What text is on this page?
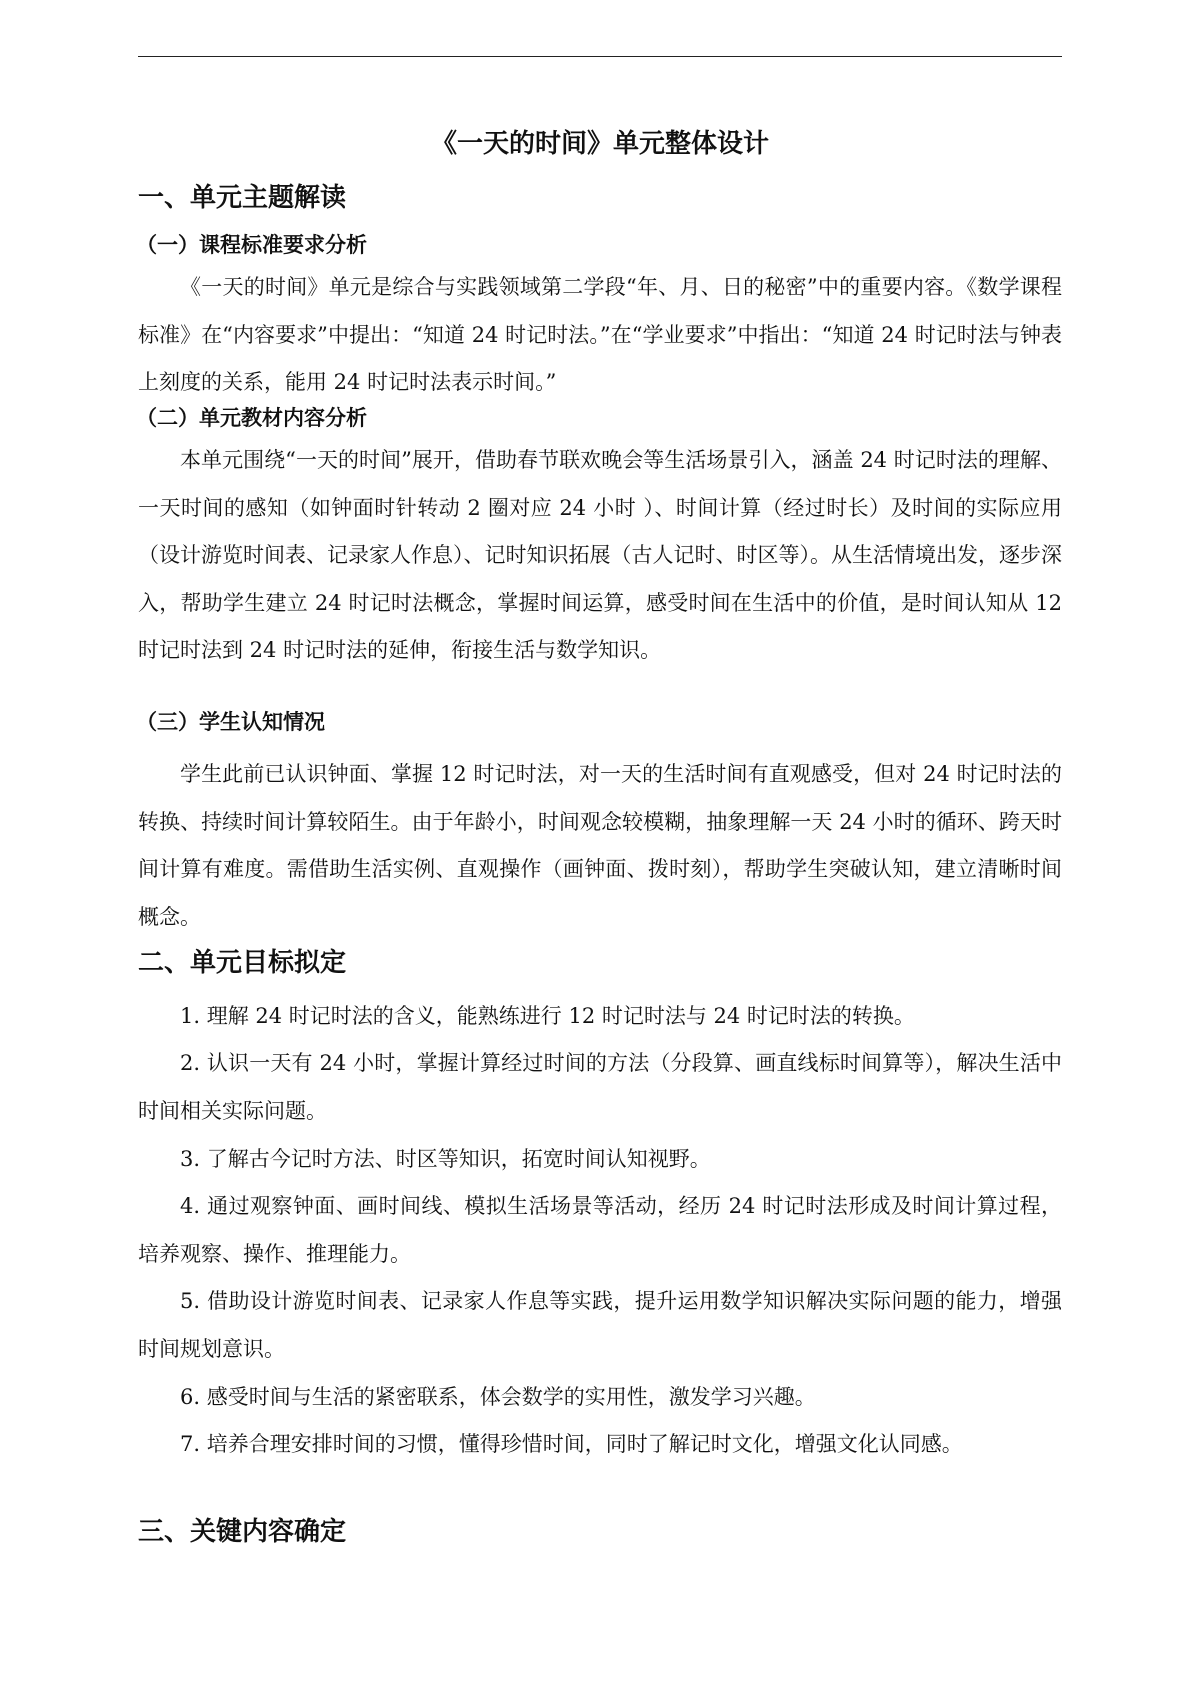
《一天的时间》单元整体设计
一、单元主题解读
（一）课程标准要求分析

《一天的时间》单元是综合与实践领域第二学段“年、月、日的秘密”中的重要内容。《数学课程标准》在“内容要求”中提出：“知道 24 时记时法。”在“学业要求”中指出：“知道 24 时记时法与钟表上刻度的关系，能用 24 时记时法表示时间。”

（二）单元教材内容分析

本单元围绕“一天的时间”展开，借助春节联欢晚会等生活场景引入，涵盖 24 时记时法的理解、一天时间的感知（如钟面时针转动 2 圈对应 24 小时 ）、时间计算（经过时长）及时间的实际应用（设计游览时间表、记录家人作息）、记时知识拓展（古人记时、时区等）。从生活情境出发，逐步深入，帮助学生建立 24 时记时法概念，掌握时间运算，感受时间在生活中的价值，是时间认知从 12 时记时法到 24 时记时法的延伸，衔接生活与数学知识。

（三）学生认知情况

学生此前已认识钟面、掌握 12 时记时法，对一天的生活时间有直观感受，但对 24 时记时法的转换、持续时间计算较陌生。由于年龄小，时间观念较模糊，抽象理解一天 24 小时的循环、跨天时间计算有难度。需借助生活实例、直观操作（画钟面、拨时刻），帮助学生突破认知，建立清晰时间概念。

二、单元目标拟定

1. 理解 24 时记时法的含义，能熟练进行 12 时记时法与 24 时记时法的转换。

2. 认识一天有 24 小时，掌握计算经过时间的方法（分段算、画直线标时间算等），解决生活中时间相关实际问题。

3. 了解古今记时方法、时区等知识，拓宽时间认知视野。

4. 通过观察钟面、画时间线、模拟生活场景等活动，经历 24 时记时法形成及时间计算过程，培养观察、操作、推理能力。

5. 借助设计游览时间表、记录家人作息等实践，提升运用数学知识解决实际问题的能力，增强时间规划意识。

6. 感受时间与生活的紧密联系，体会数学的实用性，激发学习兴趣。

7. 培养合理安排时间的习惯，懂得珍惜时间，同时了解记时文化，增强文化认同感。

三、关键内容确定
